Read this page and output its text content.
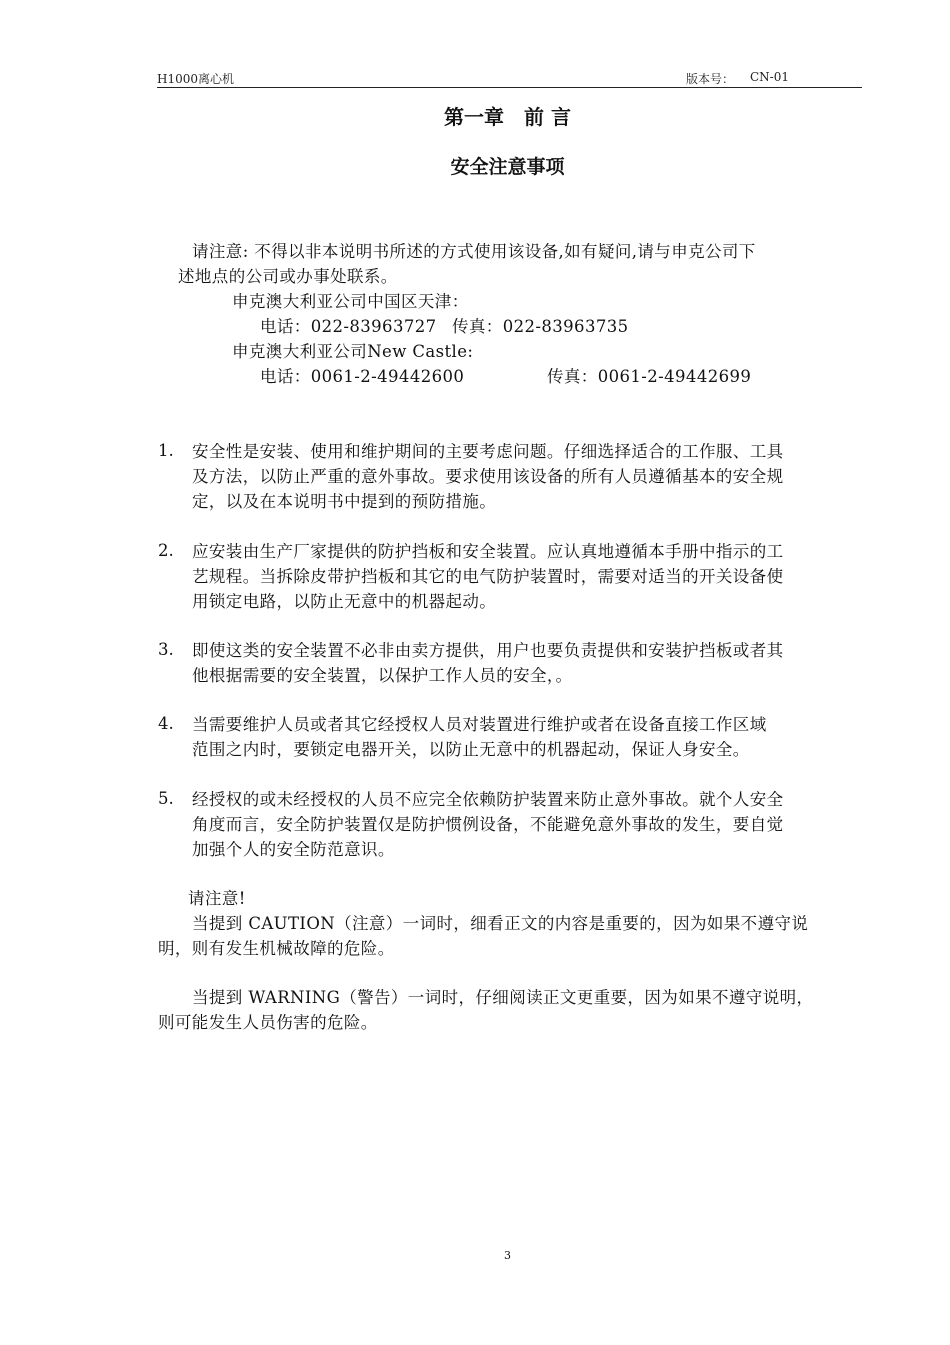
H1000离心机	版本号： CN-01
第一章　前 言
安全注意事项
请注意: 不得以非本说明书所述的方式使用该设备,如有疑问,请与申克公司下
述地点的公司或办事处联系。
申克澳大利亚公司中国区天津：
电话：022-83963727 传真：022-83963735
申克澳大利亚公司New Castle:
电话：0061-2-49442600	传真：0061-2-49442699
1. 安全性是安装、使用和维护期间的主要考虑问题。仔细选择适合的工作服、工具
及方法，以防止严重的意外事故。要求使用该设备的所有人员遵循基本的安全规
定，以及在本说明书中提到的预防措施。
2. 应安装由生产厂家提供的防护挡板和安全装置。应认真地遵循本手册中指示的工
艺规程。当拆除皮带护挡板和其它的电气防护装置时，需要对适当的开关设备使
用锁定电路，以防止无意中的机器起动。
3. 即使这类的安全装置不必非由卖方提供，用户也要负责提供和安装护挡板或者其
他根据需要的安全装置，以保护工作人员的安全，。
4. 当需要维护人员或者其它经授权人员对装置进行维护或者在设备直接工作区域
范围之内时，要锁定电器开关，以防止无意中的机器起动，保证人身安全。
5. 经授权的或未经授权的人员不应完全依赖防护装置来防止意外事故。就个人安全
角度而言，安全防护装置仅是防护惯例设备，不能避免意外事故的发生，要自觉
加强个人的安全防范意识。
请注意!
当提到 CAUTION（注意）一词时，细看正文的内容是重要的，因为如果不遵守说
明，则有发生机械故障的危险。
当提到 WARNING（警告）一词时，仔细阅读正文更重要，因为如果不遵守说明，
则可能发生人员伤害的危险。
3
